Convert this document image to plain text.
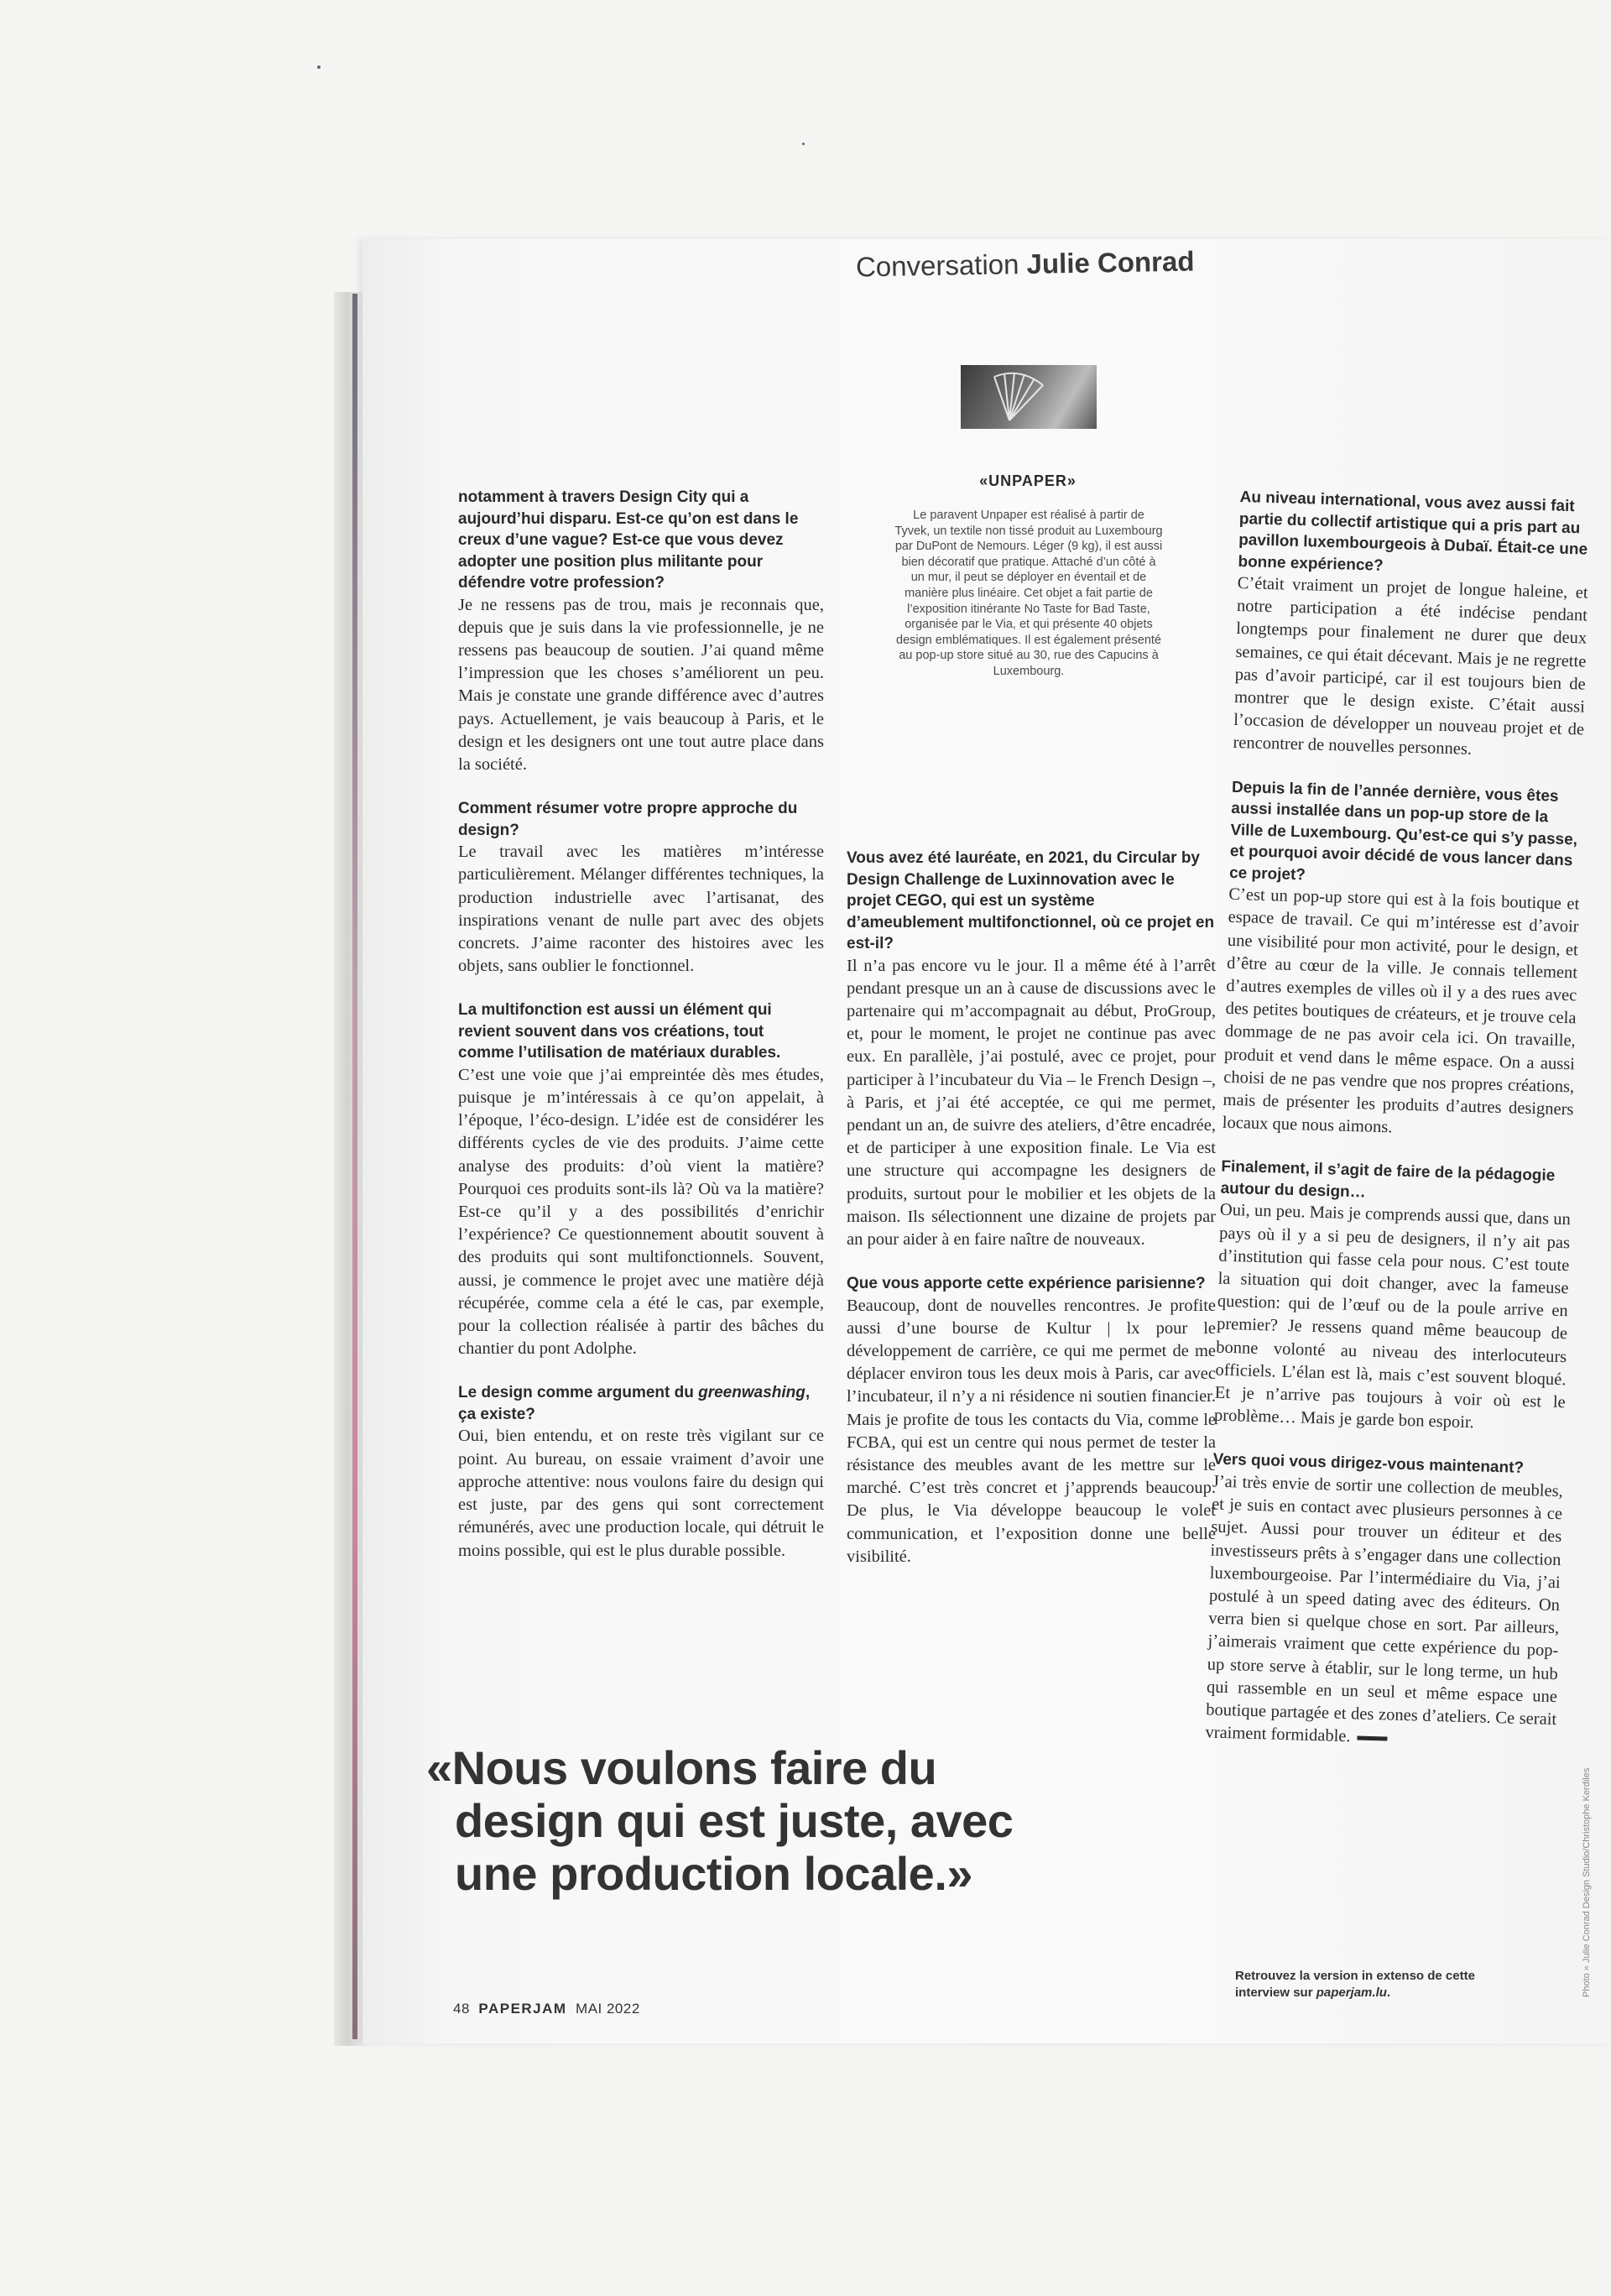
Conversation Julie Conrad
«UNPAPER»
Le paravent Unpaper est réalisé à partir de Tyvek, un textile non tissé produit au Luxembourg par DuPont de Nemours. Léger (9 kg), il est aussi bien décoratif que pratique. Attaché d’un côté à un mur, il peut se déployer en éventail et de manière plus linéaire. Cet objet a fait partie de l’exposition itinérante No Taste for Bad Taste, organisée par le Via, et qui présente 40 objets design emblématiques. Il est également présenté au pop-up store situé au 30, rue des Capucins à Luxembourg.
notamment à travers Design City qui a aujourd’hui disparu. Est-ce qu’on est dans le creux d’une vague? Est-ce que vous devez adopter une position plus militante pour défendre votre profession?
Je ne ressens pas de trou, mais je reconnais que, depuis que je suis dans la vie professionnelle, je ne ressens pas beaucoup de soutien. J’ai quand même l’impression que les choses s’améliorent un peu. Mais je constate une grande différence avec d’autres pays. Actuellement, je vais beaucoup à Paris, et le design et les designers ont une tout autre place dans la société.
Comment résumer votre propre approche du design?
Le travail avec les matières m’intéresse particulièrement. Mélanger différentes techniques, la production industrielle avec l’artisanat, des inspirations venant de nulle part avec des objets concrets. J’aime raconter des histoires avec les objets, sans oublier le fonctionnel.
La multifonction est aussi un élément qui revient souvent dans vos créations, tout comme l’utilisation de matériaux durables.
C’est une voie que j’ai empreintée dès mes études, puisque je m’intéressais à ce qu’on appelait, à l’époque, l’éco-design. L’idée est de considérer les différents cycles de vie des produits. J’aime cette analyse des produits: d’où vient la matière? Pourquoi ces produits sont-ils là? Où va la matière? Est-ce qu’il y a des possibilités d’enrichir l’expérience? Ce questionnement aboutit souvent à des produits qui sont multifonctionnels. Souvent, aussi, je commence le projet avec une matière déjà récupérée, comme cela a été le cas, par exemple, pour la collection réalisée à partir des bâches du chantier du pont Adolphe.
Le design comme argument du greenwashing, ça existe?
Oui, bien entendu, et on reste très vigilant sur ce point. Au bureau, on essaie vraiment d’avoir une approche attentive: nous voulons faire du design qui est juste, par des gens qui sont correctement rémunérés, avec une production locale, qui détruit le moins possible, qui est le plus durable possible.
Vous avez été lauréate, en 2021, du Circular by Design Challenge de Luxinnovation avec le projet CEGO, qui est un système d’ameublement multifonctionnel, où ce projet en est-il?
Il n’a pas encore vu le jour. Il a même été à l’arrêt pendant presque un an à cause de discussions avec le partenaire qui m’accompagnait au début, ProGroup, et, pour le moment, le projet ne continue pas avec eux. En parallèle, j’ai postulé, avec ce projet, pour participer à l’incubateur du Via – le French Design –, à Paris, et j’ai été acceptée, ce qui me permet, pendant un an, de suivre des ateliers, d’être encadrée, et de participer à une exposition finale. Le Via est une structure qui accompagne les designers de produits, surtout pour le mobilier et les objets de la maison. Ils sélectionnent une dizaine de projets par an pour aider à en faire naître de nouveaux.
Que vous apporte cette expérience parisienne?
Beaucoup, dont de nouvelles rencontres. Je profite aussi d’une bourse de Kultur | lx pour le développement de carrière, ce qui me permet de me déplacer environ tous les deux mois à Paris, car avec l’incubateur, il n’y a ni résidence ni soutien financier. Mais je profite de tous les contacts du Via, comme le FCBA, qui est un centre qui nous permet de tester la résistance des meubles avant de les mettre sur le marché. C’est très concret et j’apprends beaucoup. De plus, le Via développe beaucoup le volet communication, et l’exposition donne une belle visibilité.
Au niveau international, vous avez aussi fait partie du collectif artistique qui a pris part au pavillon luxembourgeois à Dubaï. Était-ce une bonne expérience?
C’était vraiment un projet de longue haleine, et notre participation a été indécise pendant longtemps pour finalement ne durer que deux semaines, ce qui était décevant. Mais je ne regrette pas d’avoir participé, car il est toujours bien de montrer que le design existe. C’était aussi l’occasion de développer un nouveau projet et de rencontrer de nouvelles personnes.
Depuis la fin de l’année dernière, vous êtes aussi installée dans un pop-up store de la Ville de Luxembourg. Qu’est-ce qui s’y passe, et pourquoi avoir décidé de vous lancer dans ce projet?
C’est un pop-up store qui est à la fois boutique et espace de travail. Ce qui m’intéresse est d’avoir une visibilité pour mon activité, pour le design, et d’être au cœur de la ville. Je connais tellement d’autres exemples de villes où il y a des rues avec des petites boutiques de créateurs, et je trouve cela dommage de ne pas avoir cela ici. On travaille, produit et vend dans le même espace. On a aussi choisi de ne pas vendre que nos propres créations, mais de présenter les produits d’autres designers locaux que nous aimons.
Finalement, il s’agit de faire de la pédagogie autour du design…
Oui, un peu. Mais je comprends aussi que, dans un pays où il y a si peu de designers, il n’y ait pas d’institution qui fasse cela pour nous. C’est toute la situation qui doit changer, avec la fameuse question: qui de l’œuf ou de la poule arrive en premier? Je ressens quand même beaucoup de bonne volonté au niveau des interlocuteurs officiels. L’élan est là, mais c’est souvent bloqué. Et je n’arrive pas toujours à voir où est le problème… Mais je garde bon espoir.
Vers quoi vous dirigez-vous maintenant?
J’ai très envie de sortir une collection de meubles, et je suis en contact avec plusieurs personnes à ce sujet. Aussi pour trouver un éditeur et des investisseurs prêts à s’engager dans une collection luxembourgeoise. Par l’intermédiaire du Via, j’ai postulé à un speed dating avec des éditeurs. On verra bien si quelque chose en sort. Par ailleurs, j’aimerais vraiment que cette expérience du pop-up store serve à établir, sur le long terme, un hub qui rassemble en un seul et même espace une boutique partagée et des zones d’ateliers. Ce serait vraiment formidable.
«Nous voulons faire du
design qui est juste, avec
une production locale.»
Retrouvez la version in extenso de cette interview sur paperjam.lu.
48 PAPERJAM MAI 2022
Photo » Julie Conrad Design Studio/Christophe Kerdiles
